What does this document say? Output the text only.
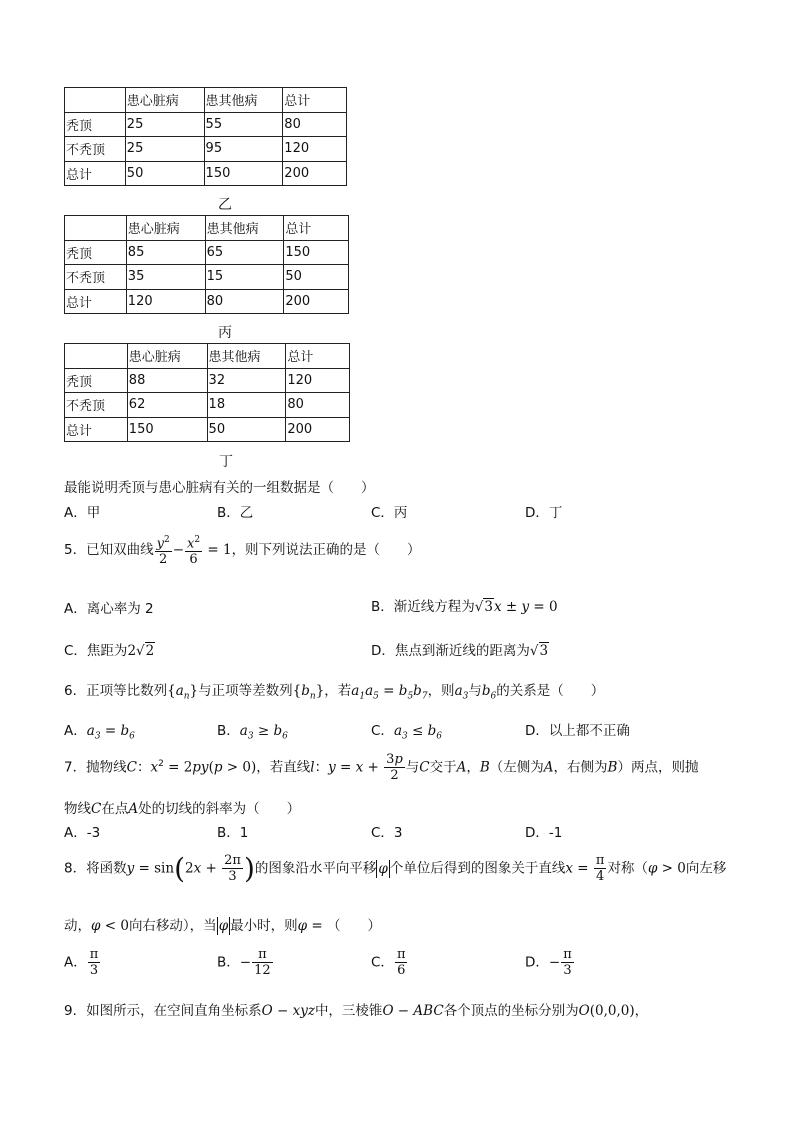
	患心脏病	患其他病	总计
秃顶	25	55	80
不秃顶	25	95	120
总计	50	150	200
乙
	患心脏病	患其他病	总计
秃顶	85	65	150
不秃顶	35	15	50
总计	120	80	200
丙
	患心脏病	患其他病	总计
秃顶	88	32	120
不秃顶	62	18	80
总计	150	50	200
丁
最能说明秃顶与患心脏病有关的一组数据是（　　）
A．甲	B．乙	C．丙	D．丁
5．已知双曲线 $\frac{y^2}{2} - \frac{x^2}{6} = 1$，则下列说法正确的是（　　）
A．离心率为 2	B．渐近线方程为√3x ± y = 0
C．焦距为2√2	D．焦点到渐近线的距离为√3
6．正项等比数列$\{a_n\}$与正项等差数列$\{b_n\}$，若$a_1a_5 = b_5b_7$，则$a_3$与$b_6$的关系是（　　）
A．$a_3 = b_6$	B．$a_3 \ge b_6$	C．$a_3 \le b_6$	D．以上都不正确
7．抛物线C：$x^2 = 2py(p > 0)$，若直线l：$y = x + \frac{3p}{2}$ 与C交于A，B（左侧为A，右侧为B）两点，则抛
物线C在点A处的切线的斜率为（　　）
A．-3	B．1	C．3	D．-1
8．将函数$y = \sin(2x + \frac{2\pi}{3}$ )的图象沿水平向平移 φ 个单位后得到的图象关于直线$x = \frac{\pi}{4}$ 对称（φ > 0向左移
动，φ < 0向右移动），当 φ 最小时，则φ = （　　）
A． $\frac{\pi}{3}$	B．− $\frac{\pi}{12}$	C． $\frac{\pi}{6}$	D．− $\frac{\pi}{3}$
9．如图所示，在空间直角坐标系O − xyz中，三棱锥O − ABC各个顶点的坐标分别为O(0,0,0)，
